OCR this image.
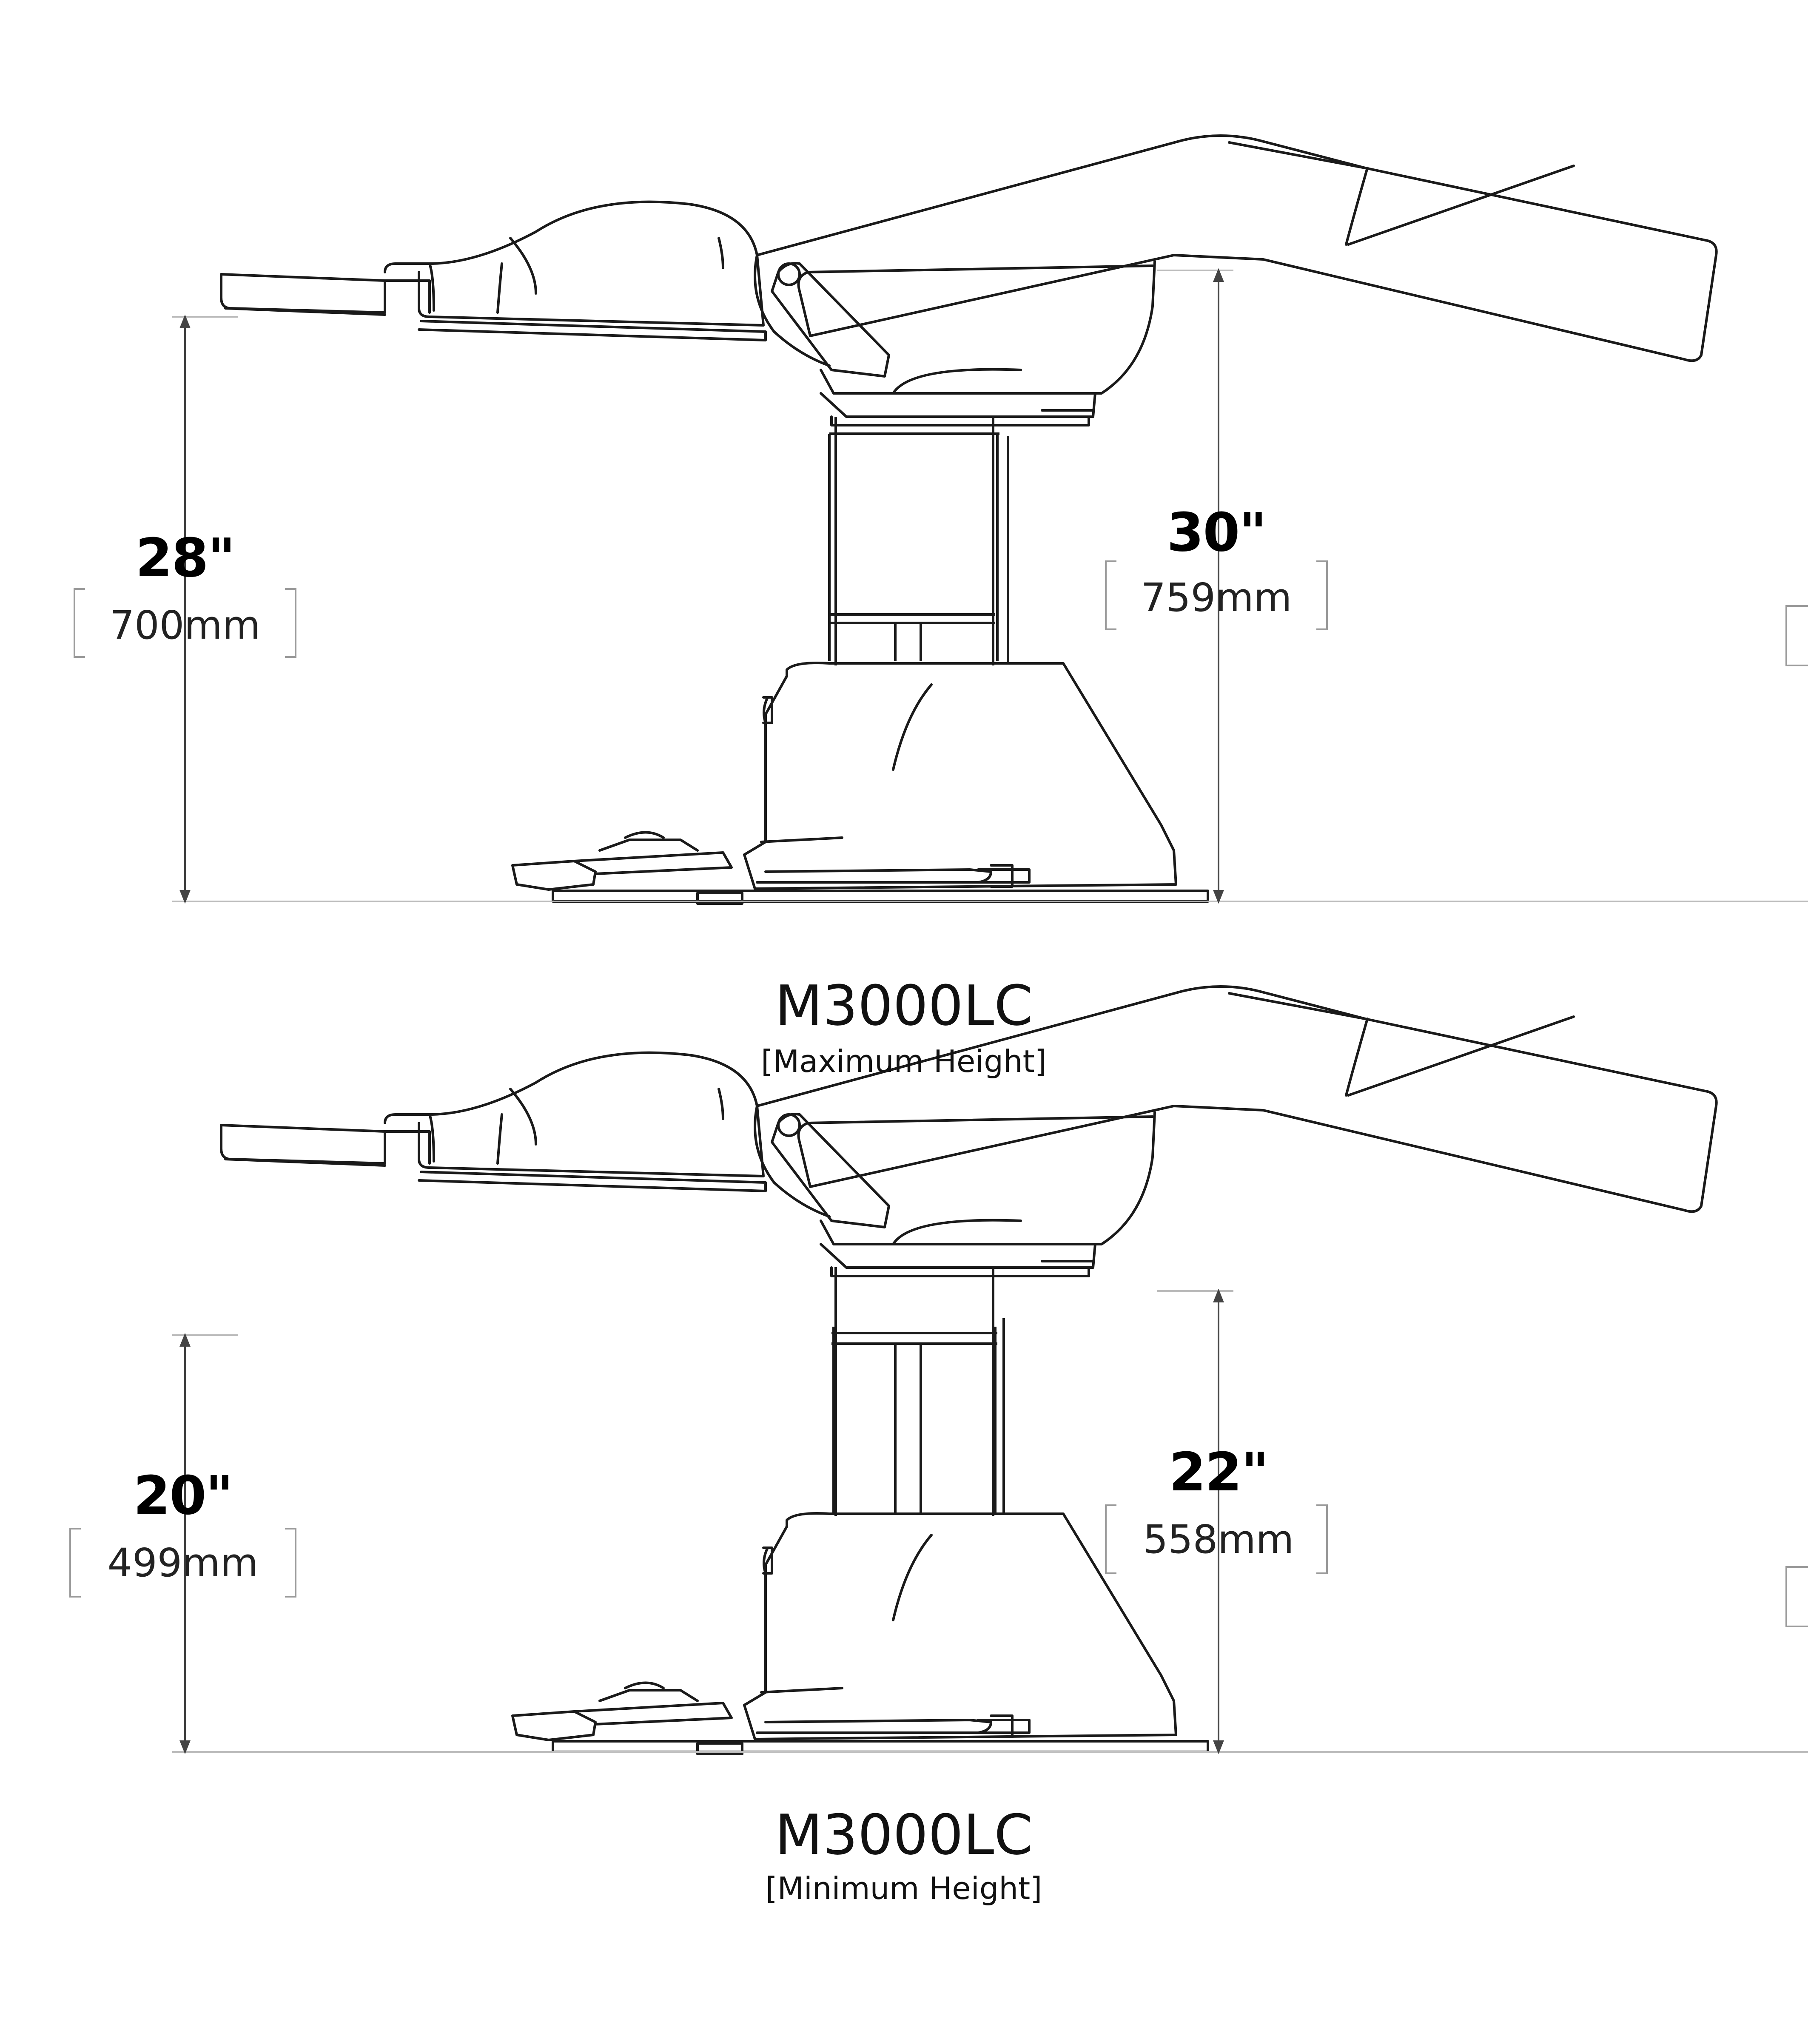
28"
700mm
30"
759mm
M3000LC
[Maximum Height]
20"
499mm
22"
558mm
M3000LC
[Minimum Height]
